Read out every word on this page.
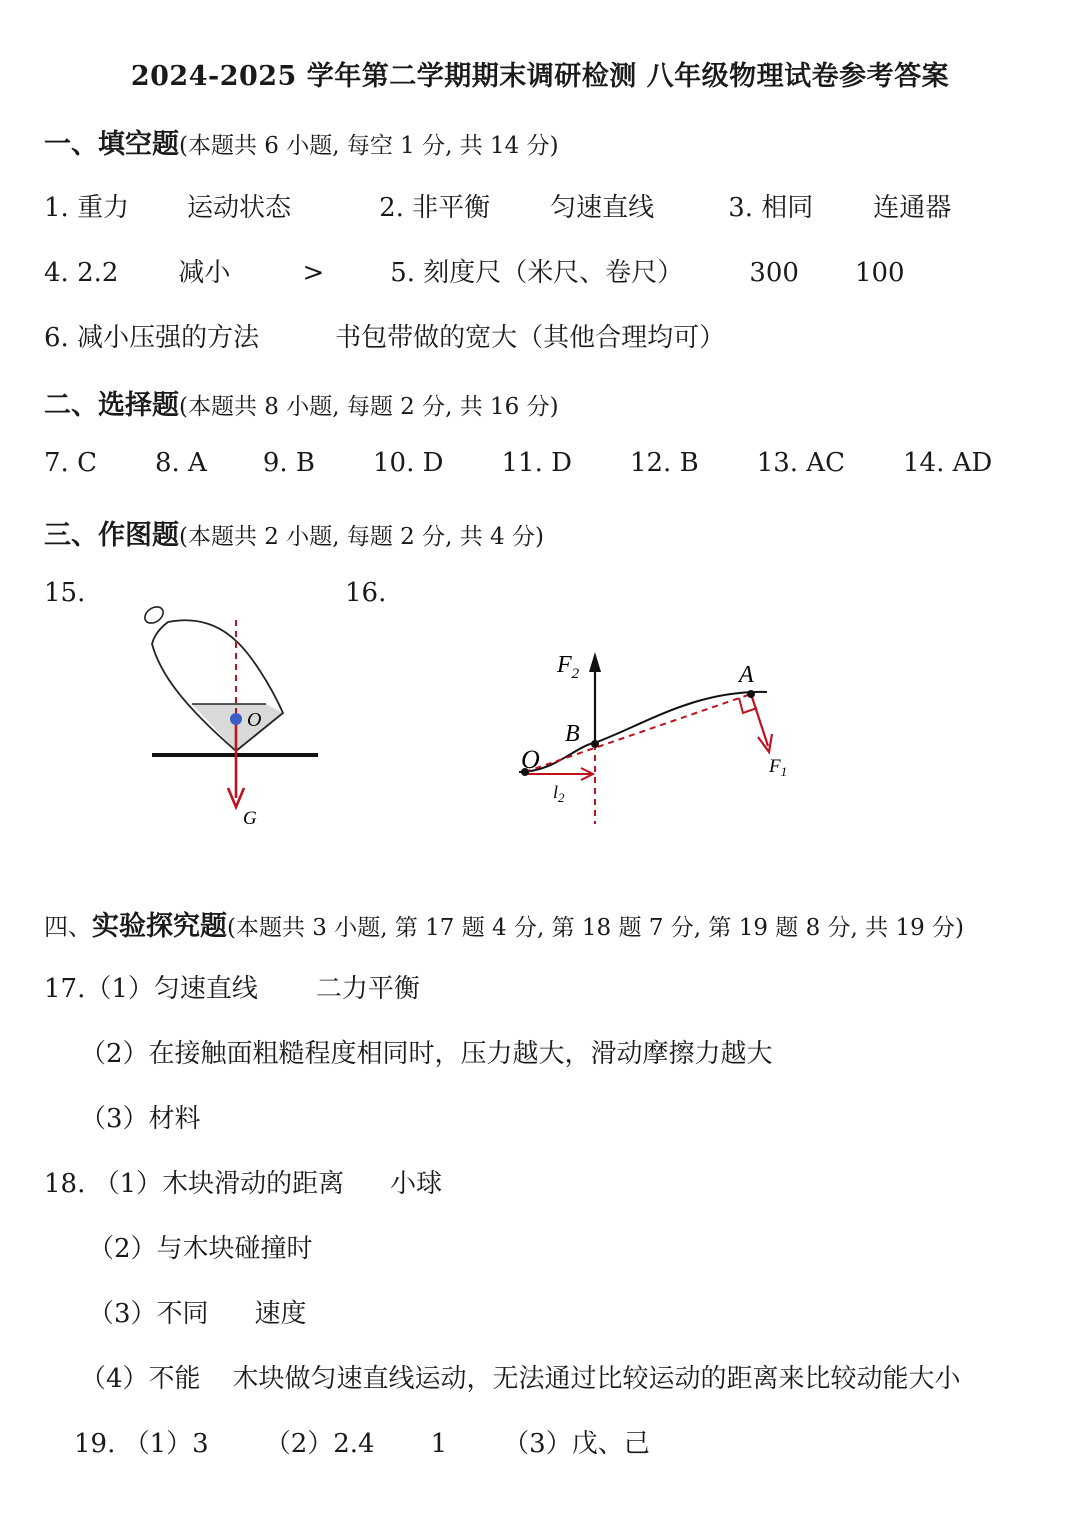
2024-2025 学年第二学期期末调研检测 八年级物理试卷参考答案
一、填空题(本题共 6 小题, 每空 1 分, 共 14 分)
1. 重力 运动状态	2. 非平衡 匀速直线	3. 相同 连通器
4. 2.2 减小	>	5. 刻度尺（米尺、卷尺）	300 100
6. 减小压强的方法	书包带做的宽大（其他合理均可）
二、选择题(本题共 8 小题, 每题 2 分, 共 16 分)
7. C 8. A 9. B 10. D 11. D 12. B 13. AC 14. AD
三、作图题(本题共 2 小题, 每题 2 分, 共 4 分)
15.	16.
O
G
$F_2$	A
B
O	$F_1$
$l_2$
四、实验探究题(本题共 3 小题, 第 17 题 4 分, 第 18 题 7 分, 第 19 题 8 分, 共 19 分)
17.（1）匀速直线 二力平衡
（2）在接触面粗糙程度相同时，压力越大，滑动摩擦力越大
（3）材料
18. （1）木块滑动的距离 小球
（2）与木块碰撞时
（3）不同 速度
（4）不能 木块做匀速直线运动，无法通过比较运动的距离来比较动能大小
19. （1）3 （2）2.4 1 （3）戊、己
